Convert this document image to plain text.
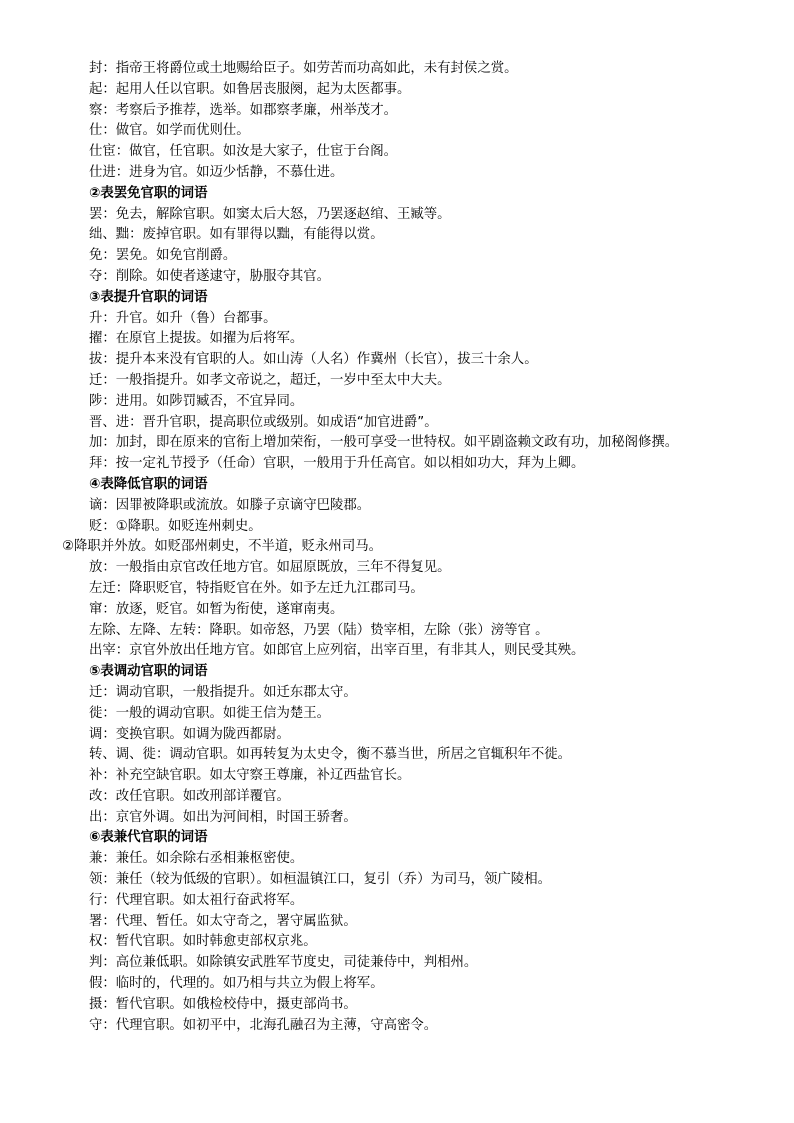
封：指帝王将爵位或土地赐给臣子。如劳苦而功高如此，未有封侯之赏。
起：起用人任以官职。如鲁居丧服阕，起为太医都事。
察：考察后予推荐，选举。如郡察孝廉，州举茂才。
仕：做官。如学而优则仕。
仕宦：做官，任官职。如汝是大家子，仕宦于台阁。
仕进：进身为官。如迈少恬静，不慕仕进。
②表罢免官职的词语
罢：免去，解除官职。如窦太后大怒，乃罢逐赵绾、王臧等。
绌、黜：废掉官职。如有罪得以黜，有能得以赏。
免：罢免。如免官削爵。
夺：削除。如使者遂逮守，胁服夺其官。
③表提升官职的词语
升：升官。如升（鲁）台都事。
擢：在原官上提拔。如擢为后将军。
拔：提升本来没有官职的人。如山涛（人名）作冀州（长官），拔三十余人。
迁：一般指提升。如孝文帝说之，超迁，一岁中至太中大夫。
陟：进用。如陟罚臧否，不宜异同。
晋、进：晋升官职，提高职位或级别。如成语“加官进爵”。
加：加封，即在原来的官衔上增加荣衔，一般可享受一世特权。如平剧盗赖文政有功，加秘阁修撰。
拜：按一定礼节授予（任命）官职，一般用于升任高官。如以相如功大，拜为上卿。
④表降低官职的词语
谪：因罪被降职或流放。如滕子京谪守巴陵郡。
贬：①降职。如贬连州刺史。
②降职并外放。如贬邵州刺史，不半道，贬永州司马。
放：一般指由京官改任地方官。如屈原既放，三年不得复见。
左迁：降职贬官，特指贬官在外。如予左迁九江郡司马。
窜：放逐，贬官。如暂为衔使，遂窜南夷。
左除、左降、左转：降职。如帝怒，乃罢（陆）贽宰相，左除（张）滂等官 。
出宰：京官外放出任地方官。如郎官上应列宿，出宰百里，有非其人，则民受其殃。
⑤表调动官职的词语
迁：调动官职，一般指提升。如迁东郡太守。
徙：一般的调动官职。如徙王信为楚王。
调：变换官职。如调为陇西都尉。
转、调、徙：调动官职。如再转复为太史令，衡不慕当世，所居之官辄积年不徙。
补：补充空缺官职。如太守察王尊廉，补辽西盐官长。
改：改任官职。如改刑部详覆官。
出：京官外调。如出为河间相，时国王骄奢。
⑥表兼代官职的词语
兼：兼任。如余除右丞相兼枢密使。
领：兼任（较为低级的官职）。如桓温镇江口，复引（乔）为司马，领广陵相。
行：代理官职。如太祖行奋武将军。
署：代理、暂任。如太守奇之，署守属监狱。
权：暂代官职。如时韩愈吏部权京兆。
判：高位兼低职。如除镇安武胜军节度史，司徒兼侍中，判相州。
假：临时的，代理的。如乃相与共立为假上将军。
摄：暂代官职。如俄检校侍中，摄吏部尚书。
守：代理官职。如初平中，北海孔融召为主薄，守高密令。
